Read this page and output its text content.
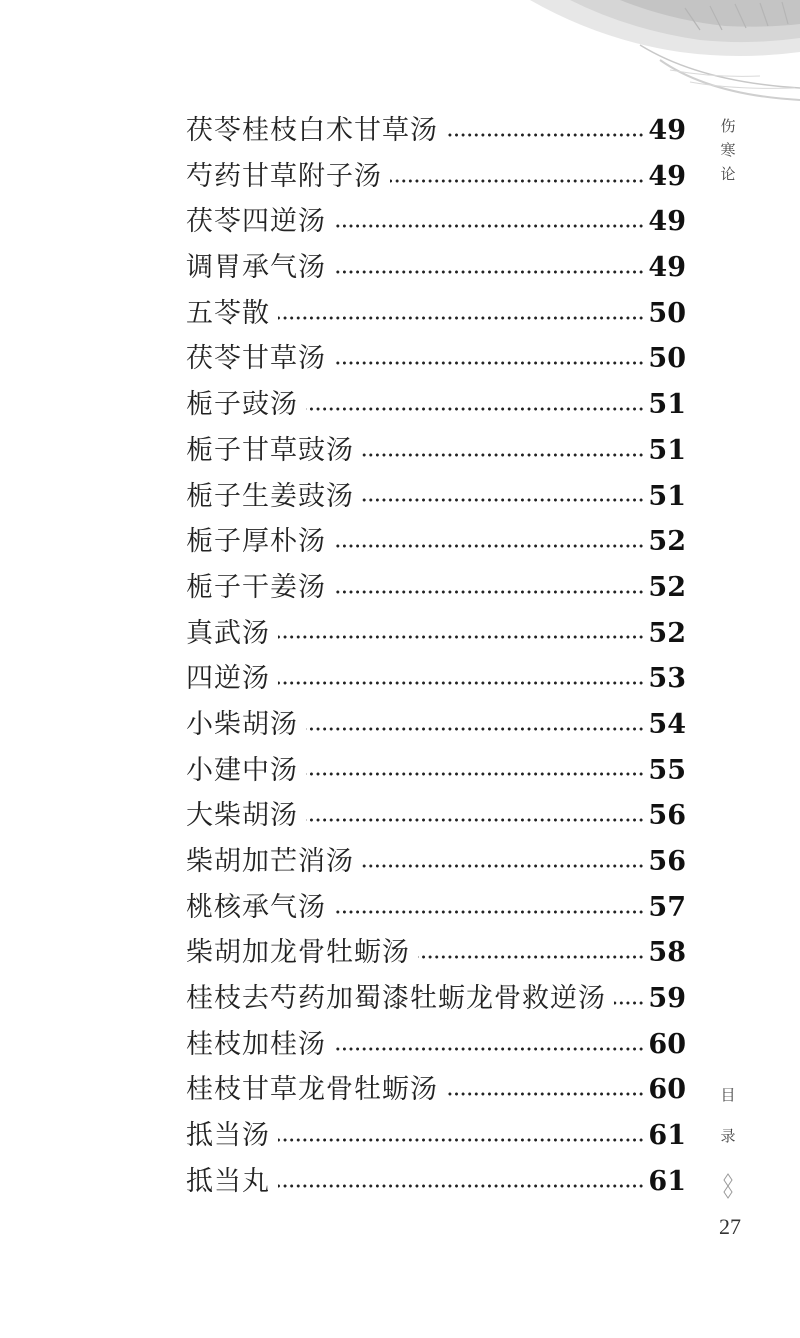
茯苓桂枝白术甘草汤	49
芍药甘草附子汤	49
茯苓四逆汤	49
调胃承气汤	49
五苓散	50
茯苓甘草汤	50
栀子豉汤	51
栀子甘草豉汤	51
栀子生姜豉汤	51
栀子厚朴汤	52
栀子干姜汤	52
真武汤	52
四逆汤	53
小柴胡汤	54
小建中汤	55
大柴胡汤	56
柴胡加芒消汤	56
桃核承气汤	57
柴胡加龙骨牡蛎汤	58
桂枝去芍药加蜀漆牡蛎龙骨救逆汤 59
桂枝加桂汤	60
桂枝甘草龙骨牡蛎汤	60
抵当汤	61
抵当丸	61
伤
寒
论
目
录
27
